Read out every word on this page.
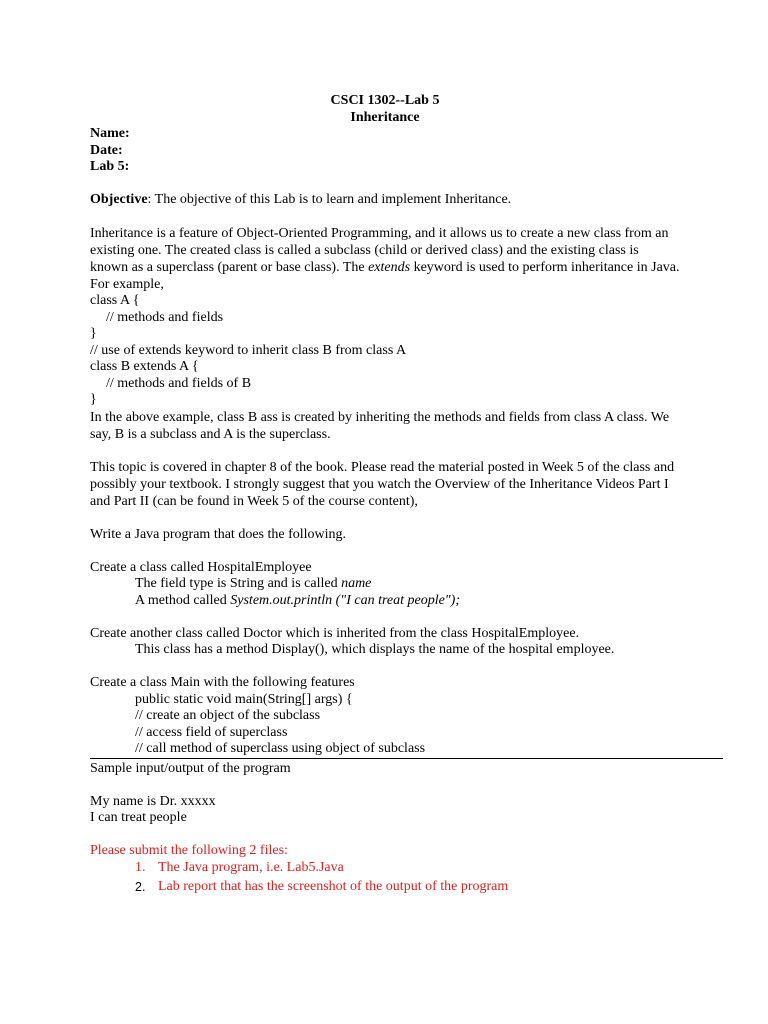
CSCI 1302--Lab 5
Inheritance
Name:
Date:
Lab 5:
Objective: The objective of this Lab is to learn and implement Inheritance.
Inheritance is a feature of Object-Oriented Programming, and it allows us to create a new class from an existing one. The created class is called a subclass (child or derived class) and the existing class is known as a superclass (parent or base class). The extends keyword is used to perform inheritance in Java. For example,
class A {
// methods and fields
}
// use of extends keyword to inherit class B from class A
class B extends A {
// methods and fields of B
}
In the above example, class B ass is created by inheriting the methods and fields from class A class. We say, B is a subclass and A is the superclass.
This topic is covered in chapter 8 of the book. Please read the material posted in Week 5 of the class and possibly your textbook. I strongly suggest that you watch the Overview of the Inheritance Videos Part I and Part II (can be found in Week 5 of the course content),
Write a Java program that does the following.
Create a class called HospitalEmployee
The field type is String and is called name
A method called System.out.println ("I can treat people");
Create another class called Doctor which is inherited from the class HospitalEmployee.
This class has a method Display(), which displays the name of the hospital employee.
Create a class Main with the following features
public static void main(String[] args) {
// create an object of the subclass
// access field of superclass
// call method of superclass using object of subclass
Sample input/output of the program
My name is Dr. xxxxx
I can treat people
Please submit the following 2 files:
1. The Java program, i.e. Lab5.Java
2. Lab report that has the screenshot of the output of the program
